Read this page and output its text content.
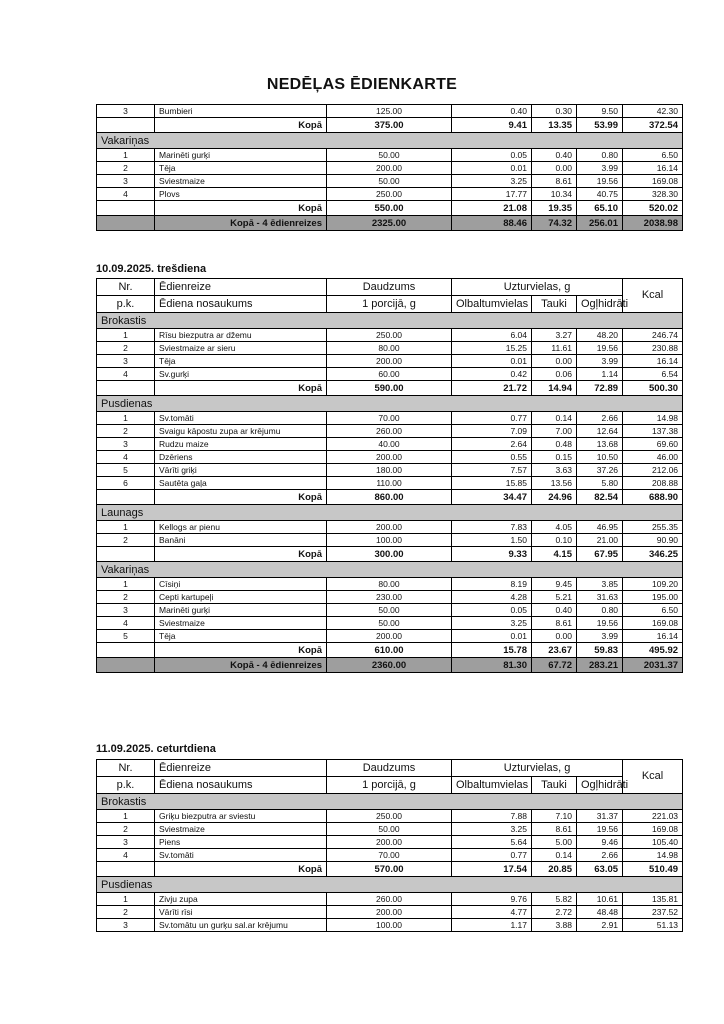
NEDĒĻAS ĒDIENKARTE
3	Bumbieri	125.00	0.40	0.30	9.50	42.30
	Kopā	375.00	9.41	13.35	53.99	372.54
Vakariņas						
1	Marinēti gurķi	50.00	0.05	0.40	0.80	6.50
2	Tēja	200.00	0.01	0.00	3.99	16.14
3	Sviestmaize	50.00	3.25	8.61	19.56	169.08
4	Plovs	250.00	17.77	10.34	40.75	328.30
	Kopā	550.00	21.08	19.35	65.10	520.02
	Kopā - 4 ēdienreizes	2325.00	88.46	74.32	256.01	2038.98
10.09.2025. trešdiena
Nr.	Ēdienreize	Daudzums	Uzturvielas, g			Kcal
p.k.	Ēdiena nosaukums	1 porcijā, g	Olbaltumvielas	Tauki	Ogļhidrāti	
Brokastis						
1	Rīsu biezputra ar džemu	250.00	6.04	3.27	48.20	246.74
2	Sviestmaize ar sieru	80.00	15.25	11.61	19.56	230.88
3	Tēja	200.00	0.01	0.00	3.99	16.14
4	Sv.gurķi	60.00	0.42	0.06	1.14	6.54
	Kopā	590.00	21.72	14.94	72.89	500.30
Pusdienas						
1	Sv.tomāti	70.00	0.77	0.14	2.66	14.98
2	Svaigu kāpostu zupa ar krējumu	260.00	7.09	7.00	12.64	137.38
3	Rudzu maize	40.00	2.64	0.48	13.68	69.60
4	Dzēriens	200.00	0.55	0.15	10.50	46.00
5	Vārīti griķi	180.00	7.57	3.63	37.26	212.06
6	Sautēta gaļa	110.00	15.85	13.56	5.80	208.88
	Kopā	860.00	34.47	24.96	82.54	688.90
Launags						
1	Kellogs ar pienu	200.00	7.83	4.05	46.95	255.35
2	Banāni	100.00	1.50	0.10	21.00	90.90
	Kopā	300.00	9.33	4.15	67.95	346.25
Vakariņas						
1	Cīsiņi	80.00	8.19	9.45	3.85	109.20
2	Cepti kartupeļi	230.00	4.28	5.21	31.63	195.00
3	Marinēti gurķi	50.00	0.05	0.40	0.80	6.50
4	Sviestmaize	50.00	3.25	8.61	19.56	169.08
5	Tēja	200.00	0.01	0.00	3.99	16.14
	Kopā	610.00	15.78	23.67	59.83	495.92
	Kopā - 4 ēdienreizes	2360.00	81.30	67.72	283.21	2031.37
11.09.2025. ceturtdiena
Nr.	Ēdienreize	Daudzums	Uzturvielas, g			Kcal
p.k.	Ēdiena nosaukums	1 porcijā, g	Olbaltumvielas	Tauki	Ogļhidrāti	
Brokastis						
1	Griķu biezputra ar sviestu	250.00	7.88	7.10	31.37	221.03
2	Sviestmaize	50.00	3.25	8.61	19.56	169.08
3	Piens	200.00	5.64	5.00	9.46	105.40
4	Sv.tomāti	70.00	0.77	0.14	2.66	14.98
	Kopā	570.00	17.54	20.85	63.05	510.49
Pusdienas						
1	Zivju zupa	260.00	9.76	5.82	10.61	135.81
2	Vārīti rīsi	200.00	4.77	2.72	48.48	237.52
3	Sv.tomātu un gurķu sal.ar krējumu	100.00	1.17	3.88	2.91	51.13
